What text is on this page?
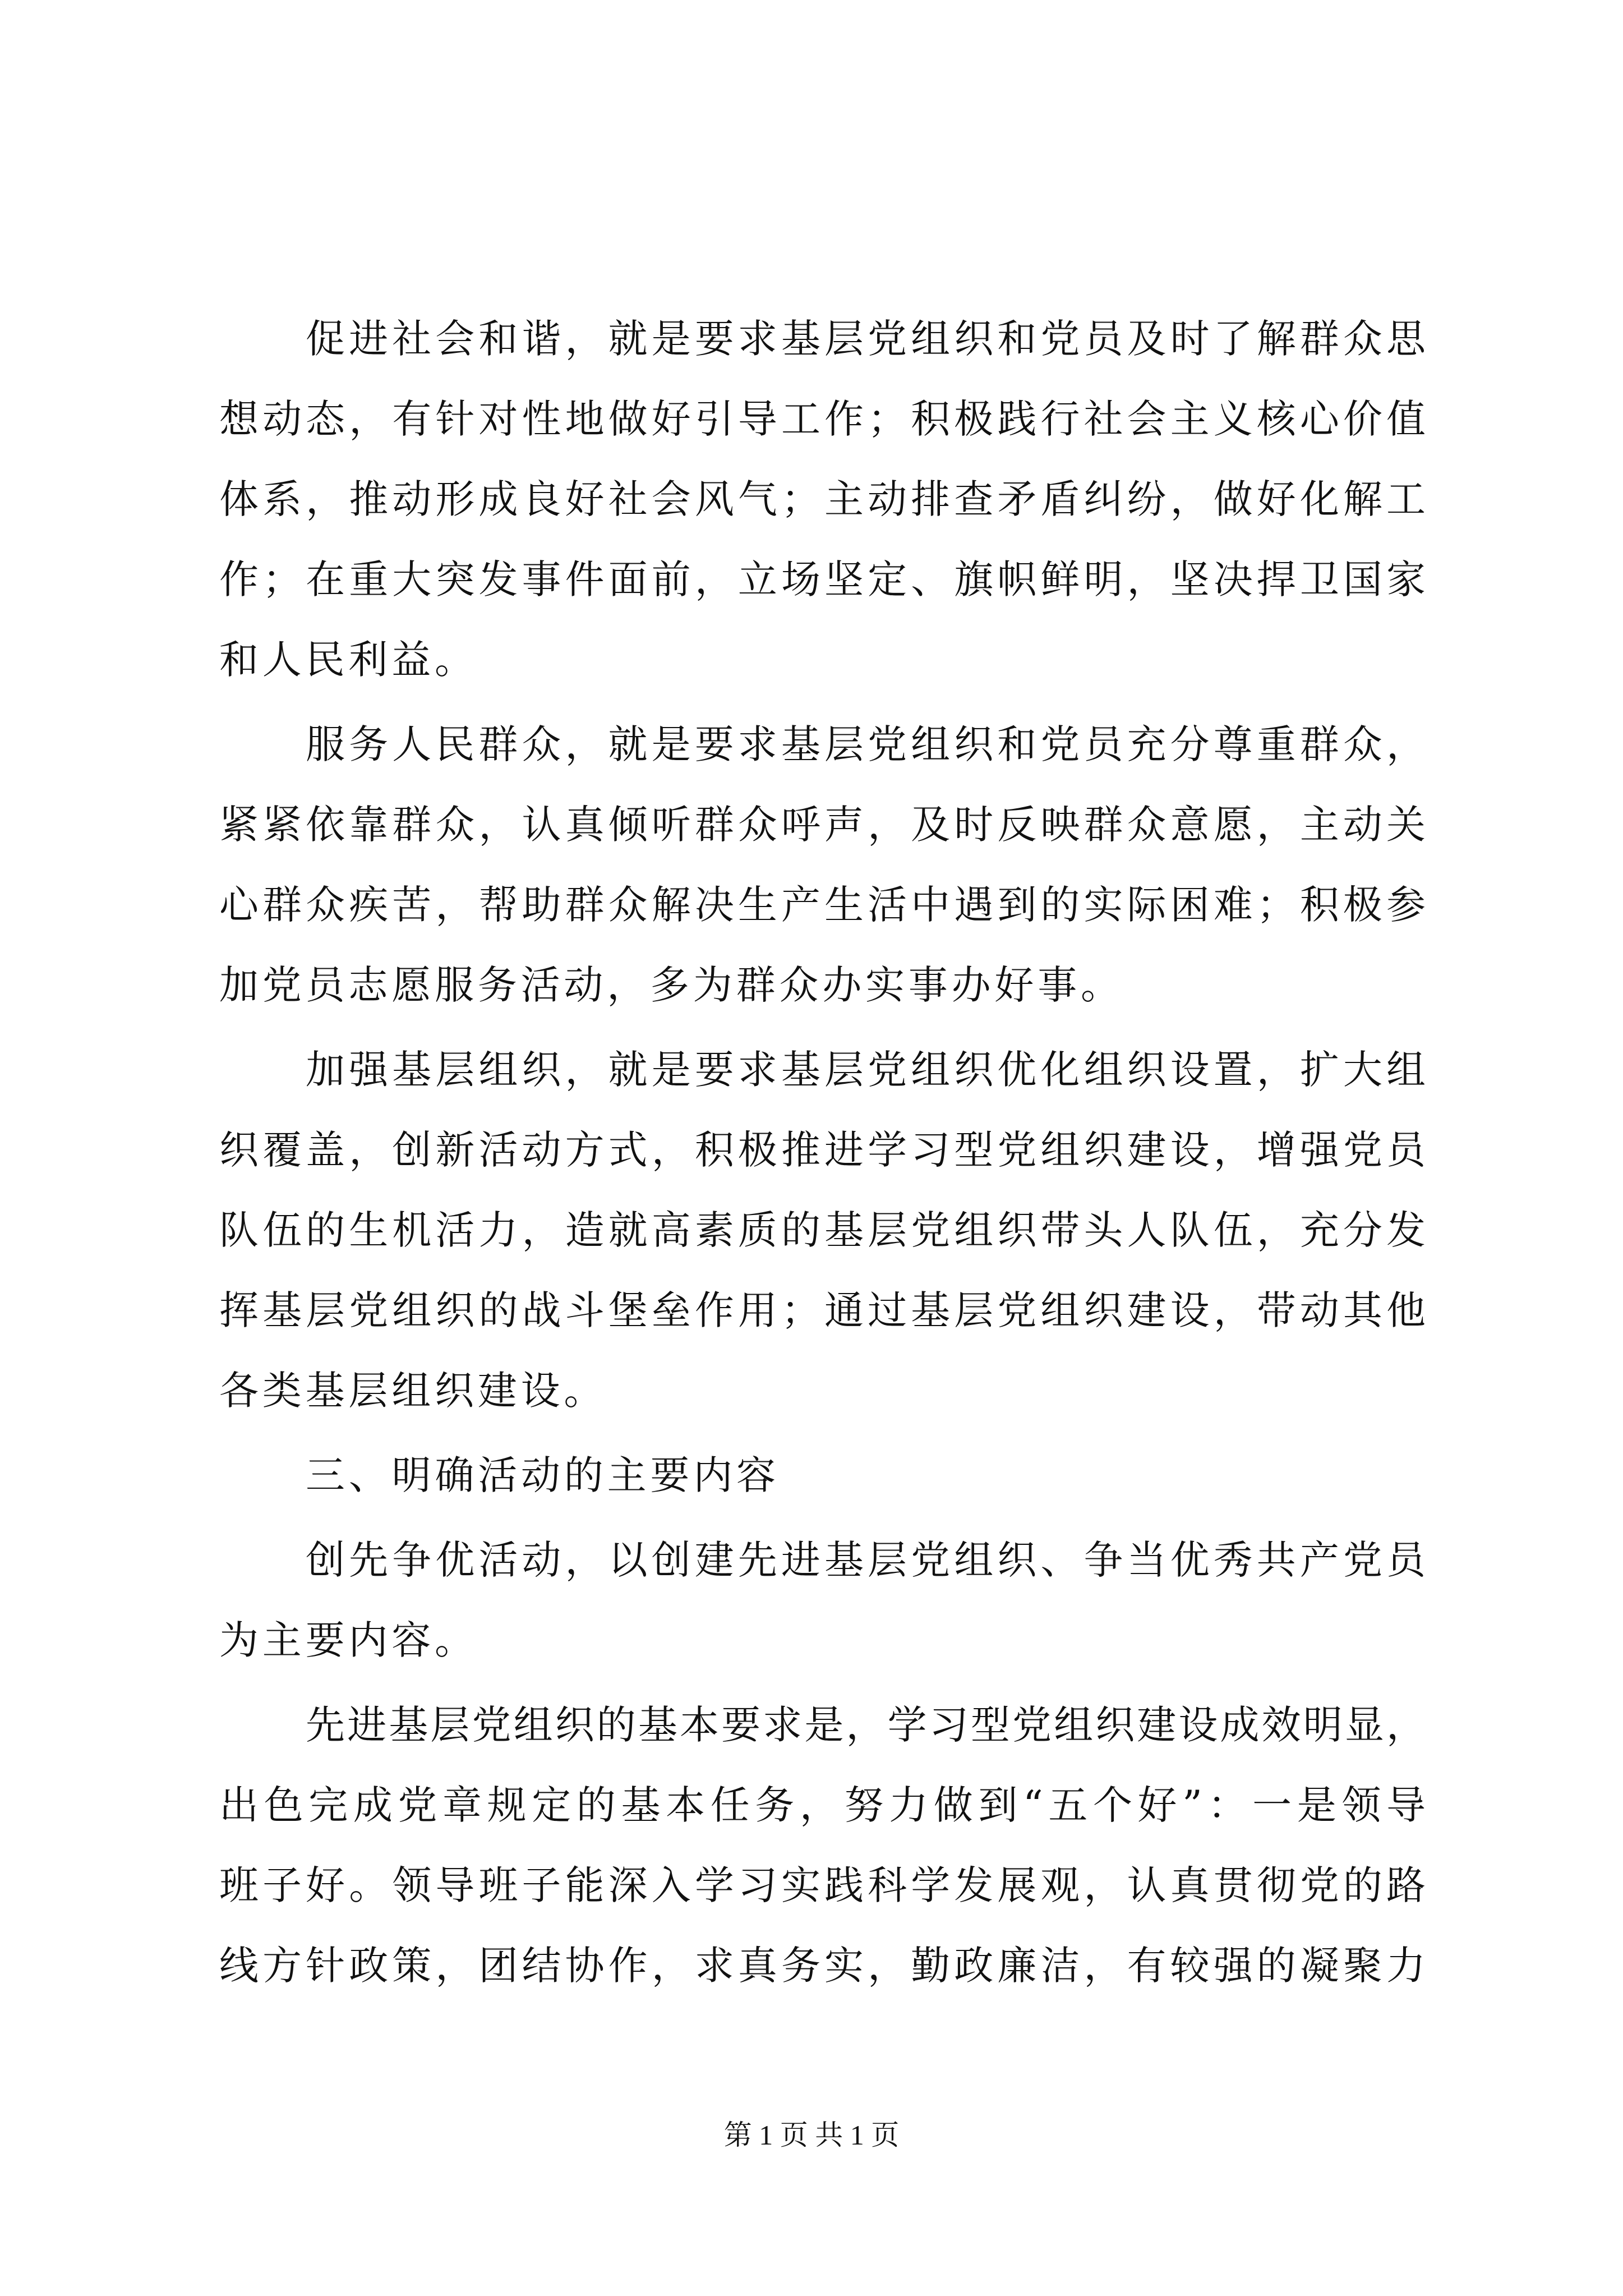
促进社会和谐，就是要求基层党组织和党员及时了解群众思
想动态，有针对性地做好引导工作；积极践行社会主义核心价值
体系，推动形成良好社会风气；主动排查矛盾纠纷，做好化解工
作；在重大突发事件面前，立场坚定、旗帜鲜明，坚决捍卫国家
和人民利益。
服务人民群众，就是要求基层党组织和党员充分尊重群众，
紧紧依靠群众，认真倾听群众呼声，及时反映群众意愿，主动关
心群众疾苦，帮助群众解决生产生活中遇到的实际困难；积极参
加党员志愿服务活动，多为群众办实事办好事。
加强基层组织，就是要求基层党组织优化组织设置，扩大组
织覆盖，创新活动方式，积极推进学习型党组织建设，增强党员
队伍的生机活力，造就高素质的基层党组织带头人队伍，充分发
挥基层党组织的战斗堡垒作用；通过基层党组织建设，带动其他
各类基层组织建设。
三、明确活动的主要内容
创先争优活动，以创建先进基层党组织、争当优秀共产党员
为主要内容。
先进基层党组织的基本要求是，学习型党组织建设成效明显，
出色完成党章规定的基本任务，努力做到“五个好”：一是领导
班子好。领导班子能深入学习实践科学发展观，认真贯彻党的路
线方针政策，团结协作，求真务实，勤政廉洁，有较强的凝聚力
第 1 页 共 1 页
